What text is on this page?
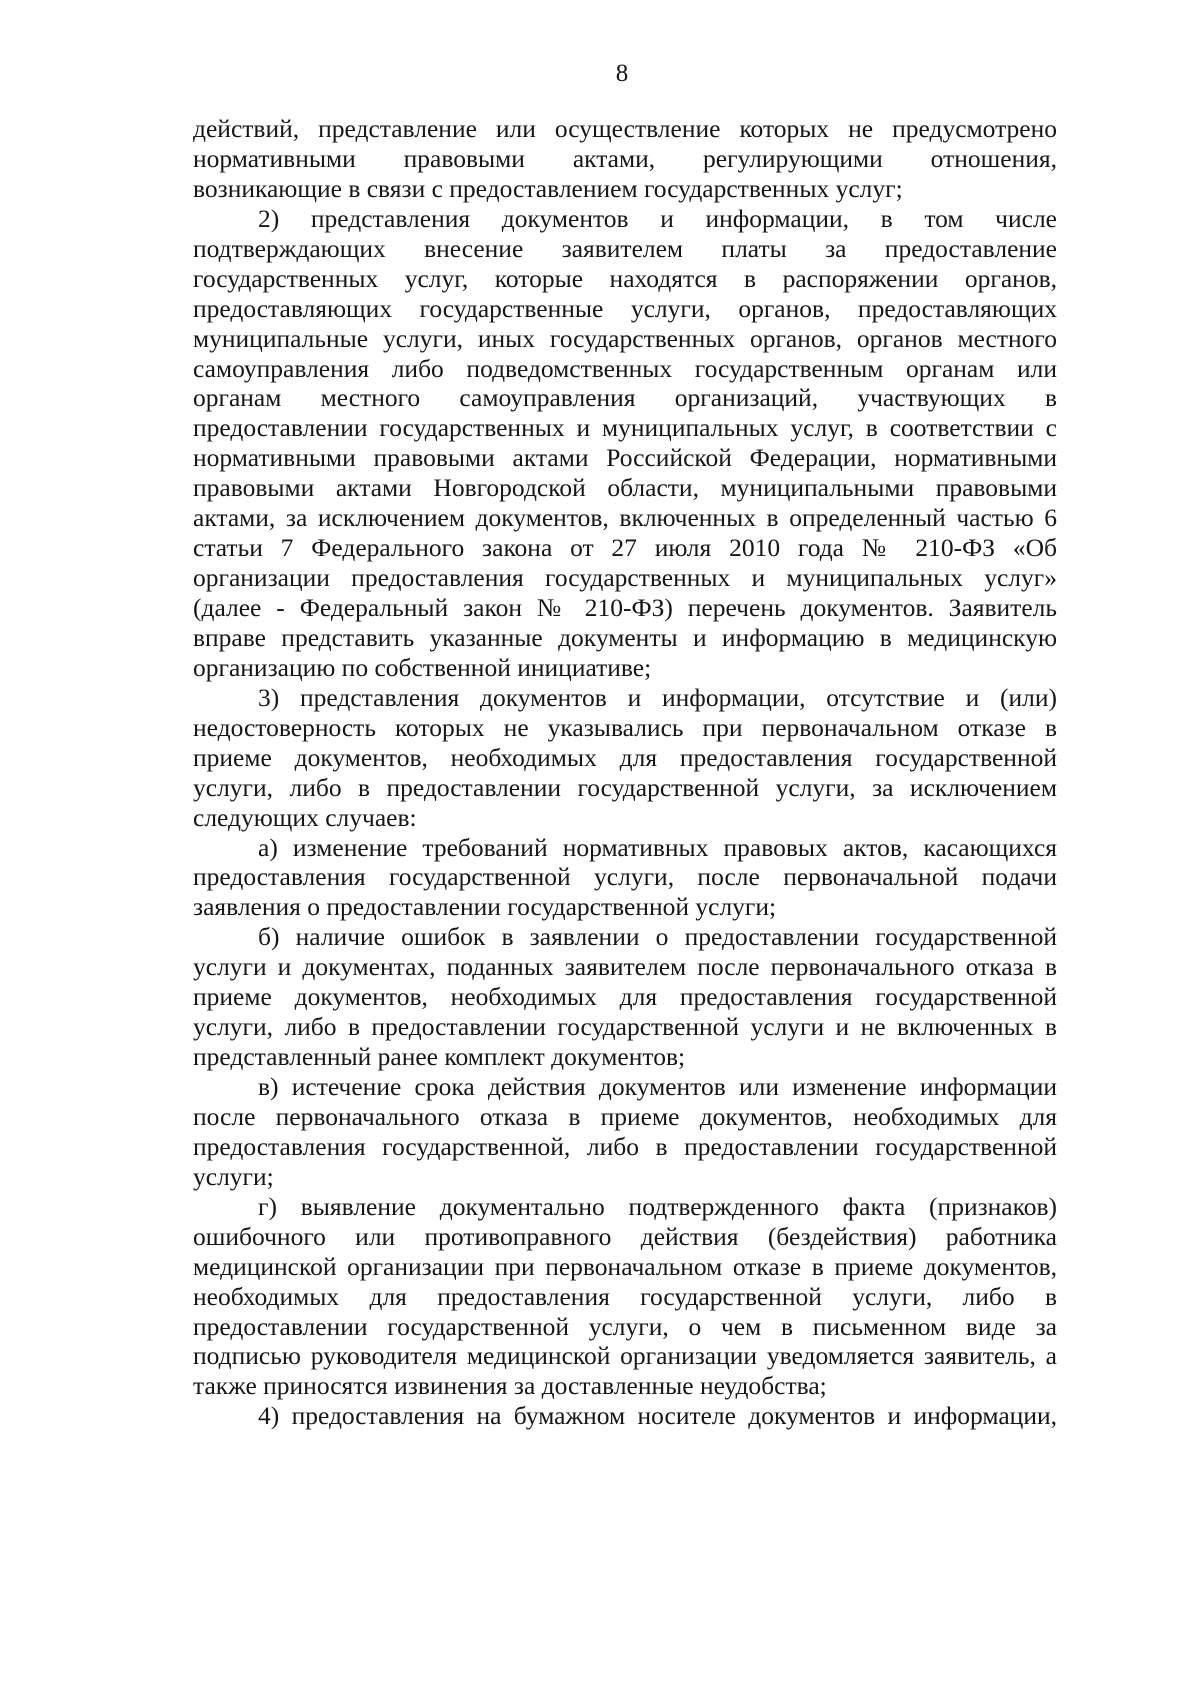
8
действий, представление или осуществление которых не предусмотрено
нормативными правовыми актами, регулирующими отношения,
возникающие в связи с предоставлением государственных услуг;
2) представления документов и информации, в том числе
подтверждающих внесение заявителем платы за предоставление
государственных услуг, которые находятся в распоряжении органов,
предоставляющих государственные услуги, органов, предоставляющих
муниципальные услуги, иных государственных органов, органов местного
самоуправления либо подведомственных государственным органам или
органам местного самоуправления организаций, участвующих в
предоставлении государственных и муниципальных услуг, в соответствии с
нормативными правовыми актами Российской Федерации, нормативными
правовыми актами Новгородской области, муниципальными правовыми
актами, за исключением документов, включенных в определенный частью 6
статьи 7 Федерального закона от 27 июля 2010 года № 210-ФЗ «Об
организации предоставления государственных и муниципальных услуг»
(далее - Федеральный закон № 210-ФЗ) перечень документов. Заявитель
вправе представить указанные документы и информацию в медицинскую
организацию по собственной инициативе;
3) представления документов и информации, отсутствие и (или)
недостоверность которых не указывались при первоначальном отказе в
приеме документов, необходимых для предоставления государственной
услуги, либо в предоставлении государственной услуги, за исключением
следующих случаев:
а) изменение требований нормативных правовых актов, касающихся
предоставления государственной услуги, после первоначальной подачи
заявления о предоставлении государственной услуги;
б) наличие ошибок в заявлении о предоставлении государственной
услуги и документах, поданных заявителем после первоначального отказа в
приеме документов, необходимых для предоставления государственной
услуги, либо в предоставлении государственной услуги и не включенных в
представленный ранее комплект документов;
в) истечение срока действия документов или изменение информации
после первоначального отказа в приеме документов, необходимых для
предоставления государственной, либо в предоставлении государственной
услуги;
г) выявление документально подтвержденного факта (признаков)
ошибочного или противоправного действия (бездействия) работника
медицинской организации при первоначальном отказе в приеме документов,
необходимых для предоставления государственной услуги, либо в
предоставлении государственной услуги, о чем в письменном виде за
подписью руководителя медицинской организации уведомляется заявитель, а
также приносятся извинения за доставленные неудобства;
4) предоставления на бумажном носителе документов и информации,
